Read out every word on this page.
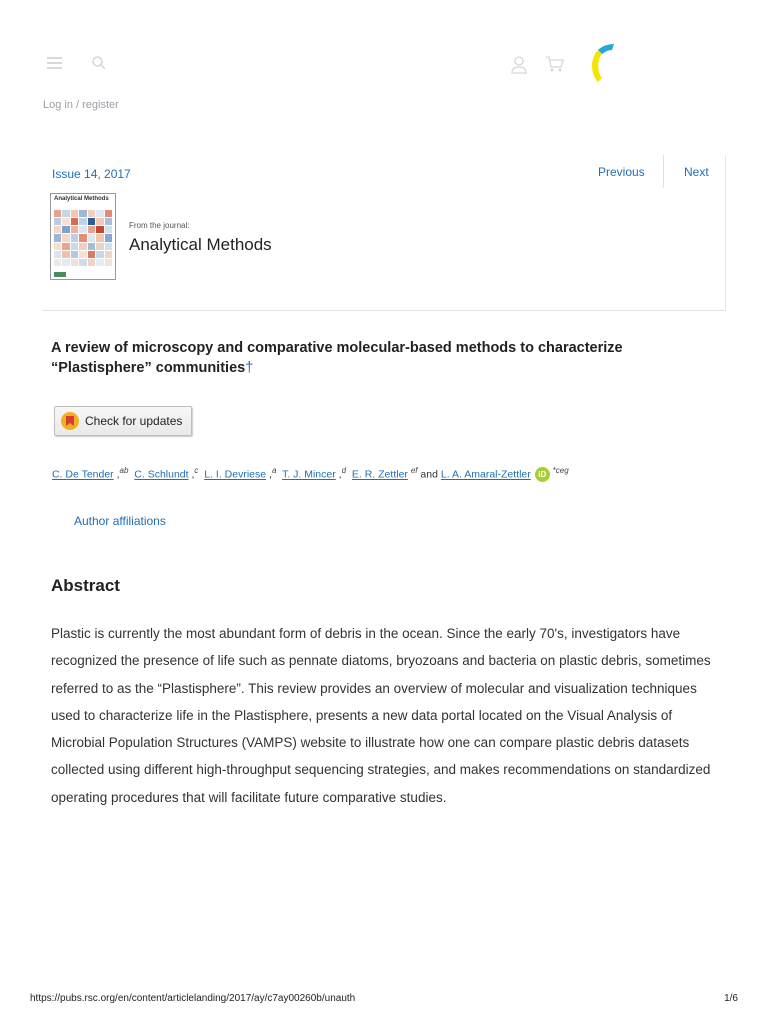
Log in / register
Issue 14, 2017	Previous	Next
Analytical Methods
From the journal:
Analytical Methods
A review of microscopy and comparative molecular-based methods to characterize “Plastisphere” communities†
Check for updates
C. De Tender ,$^{ab}$ C. Schlundt ,$^c$ L. I. Devriese ,$^a$ T. J. Mincer ,$^d$ E. R. Zettler $^{ef}$ and L. A. Amaral-Zettler iD $^{*ceg}$
Author affiliations
Abstract

Plastic is currently the most abundant form of debris in the ocean. Since the early 70's, investigators have recognized the presence of life such as pennate diatoms, bryozoans and bacteria on plastic debris, sometimes referred to as the “Plastisphere”. This review provides an overview of molecular and visualization techniques used to characterize life in the Plastisphere, presents a new data portal located on the Visual Analysis of Microbial Population Structures (VAMPS) website to illustrate how one can compare plastic debris datasets collected using different high-throughput sequencing strategies, and makes recommendations on standardized operating procedures that will facilitate future comparative studies.

https://pubs.rsc.org/en/content/articlelanding/2017/ay/c7ay00260b/unauth	1/6
